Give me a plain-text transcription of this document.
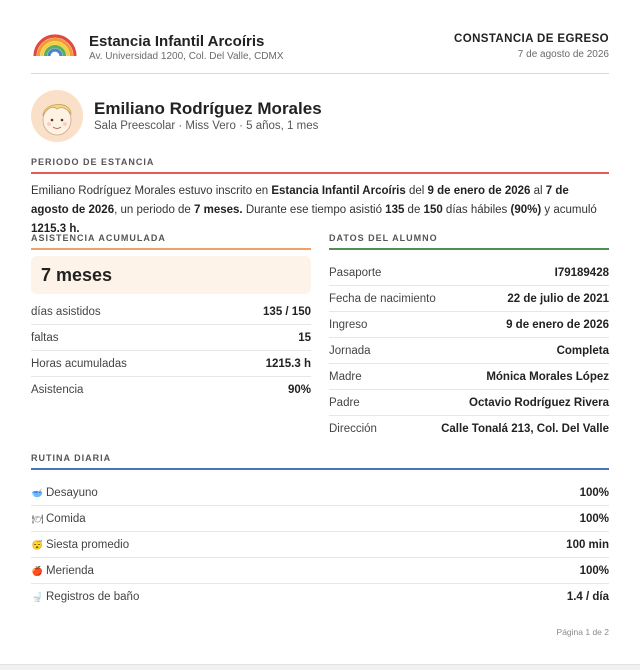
Estancia Infantil Arcoíris
Av. Universidad 1200, Col. Del Valle, CDMX
CONSTANCIA DE EGRESO
7 de agosto de 2026
Emiliano Rodríguez Morales
Sala Preescolar · Miss Vero · 5 años, 1 mes
PERIODO DE ESTANCIA
Emiliano Rodríguez Morales estuvo inscrito en Estancia Infantil Arcoíris del 9 de enero de 2026 al 7 de agosto de 2026, un periodo de 7 meses. Durante ese tiempo asistió 135 de 150 días hábiles (90%) y acumuló 1215.3 h.
ASISTENCIA ACUMULADA
7 meses
días asistidos	135 / 150
faltas	15
Horas acumuladas	1215.3 h
Asistencia	90%
DATOS DEL ALUMNO
Pasaporte	I79189428
Fecha de nacimiento	22 de julio de 2021
Ingreso	9 de enero de 2026
Jornada	Completa
Madre	Mónica Morales López
Padre	Octavio Rodríguez Rivera
Dirección	Calle Tonalá 213, Col. Del Valle
RUTINA DIARIA
🥣 Desayuno	100%
🍽 Comida	100%
😴 Siesta promedio	100 min
🍎 Merienda	100%
🚽 Registros de baño	1.4 / día
Página 1 de 2
